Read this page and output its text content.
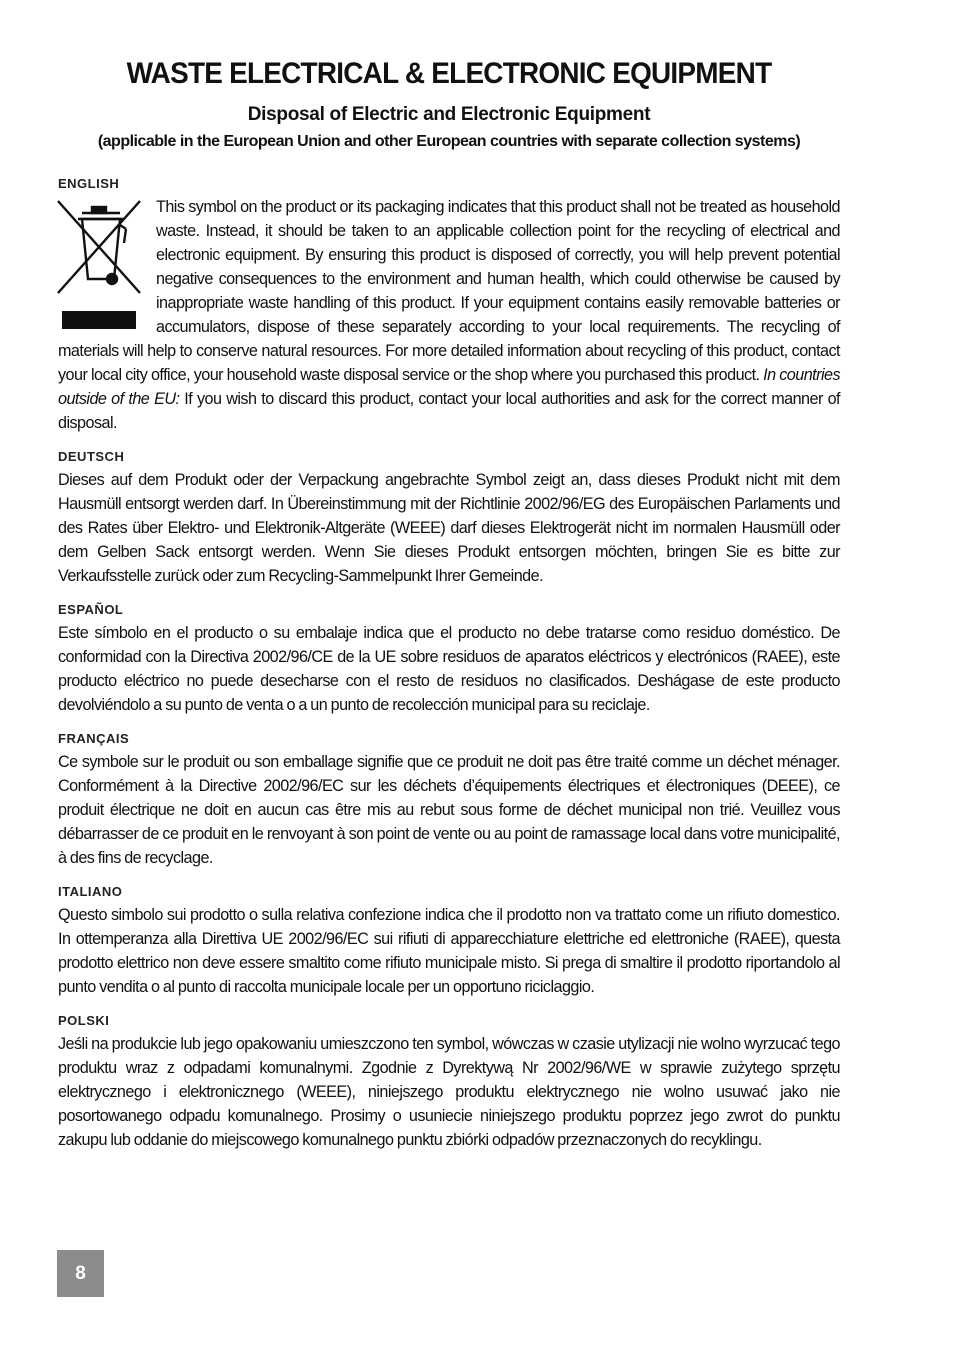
WASTE ELECTRICAL & ELECTRONIC EQUIPMENT
Disposal of Electric and Electronic Equipment

(applicable in the European Union and other European countries with separate collection systems)

ENGLISH

This symbol on the product or its packaging indicates that this product shall not be treated as household waste. Instead, it should be taken to an applicable collection point for the recycling of electrical and electronic equipment. By ensuring this product is disposed of correctly, you will help prevent potential negative consequences to the environment and human health, which could otherwise be caused by inappropriate waste handling of this product. If your equipment contains easily removable batteries or accumulators, dispose of these separately according to your local requirements. The recycling of materials will help to conserve natural resources. For more detailed information about recycling of this product, contact your local city office, your household waste disposal service or the shop where you purchased this product. In countries outside of the EU: If you wish to discard this product, contact your local authorities and ask for the correct manner of disposal.

DEUTSCH

Dieses auf dem Produkt oder der Verpackung angebrachte Symbol zeigt an, dass dieses Produkt nicht mit dem Hausmüll entsorgt werden darf. In Übereinstimmung mit der Richtlinie 2002/96/EG des Europäischen Parlaments und des Rates über Elektro- und Elektronik-Altgeräte (WEEE) darf dieses Elektrogerät nicht im normalen Hausmüll oder dem Gelben Sack entsorgt werden. Wenn Sie dieses Produkt entsorgen möchten, bringen Sie es bitte zur Verkaufsstelle zurück oder zum Recycling-Sammelpunkt Ihrer Gemeinde.

ESPAÑOL

Este símbolo en el producto o su embalaje indica que el producto no debe tratarse como residuo doméstico. De conformidad con la Directiva 2002/96/CE de la UE sobre residuos de aparatos eléctricos y electrónicos (RAEE), este producto eléctrico no puede desecharse con el resto de residuos no clasificados. Deshágase de este producto devolviéndolo a su punto de venta o a un punto de recolección municipal para su reciclaje.

FRANÇAIS

Ce symbole sur le produit ou son emballage signifie que ce produit ne doit pas être traité comme un déchet ménager. Conformément à la Directive 2002/96/EC sur les déchets d’équipements électriques et électroniques (DEEE), ce produit électrique ne doit en aucun cas être mis au rebut sous forme de déchet municipal non trié. Veuillez vous débarrasser de ce produit en le renvoyant à son point de vente ou au point de ramassage local dans votre municipalité, à des fins de recyclage.

ITALIANO

Questo simbolo sui prodotto o sulla relativa confezione indica che il prodotto non va trattato come un rifiuto domestico. In ottemperanza alla Direttiva UE 2002/96/EC sui rifiuti di apparecchiature elettriche ed elettroniche (RAEE), questa prodotto elettrico non deve essere smaltito come rifiuto municipale misto. Si prega di smaltire il prodotto riportandolo al punto vendita o al punto di raccolta municipale locale per un opportuno riciclaggio.

POLSKI

Jeśli na produkcie lub jego opakowaniu umieszczono ten symbol, wówczas w czasie utylizacji nie wolno wyrzucać tego produktu wraz z odpadami komunalnymi. Zgodnie z Dyrektywą Nr 2002/96/WE w sprawie zużytego sprzętu elektrycznego i elektronicznego (WEEE), niniejszego produktu elektrycznego nie wolno usuwać jako nie posortowanego odpadu komunalnego. Prosimy o usuniecie niniejszego produktu poprzez jego zwrot do punktu zakupu lub oddanie do miejscowego komunalnego punktu zbiórki odpadów przeznaczonych do recyklingu.

8
